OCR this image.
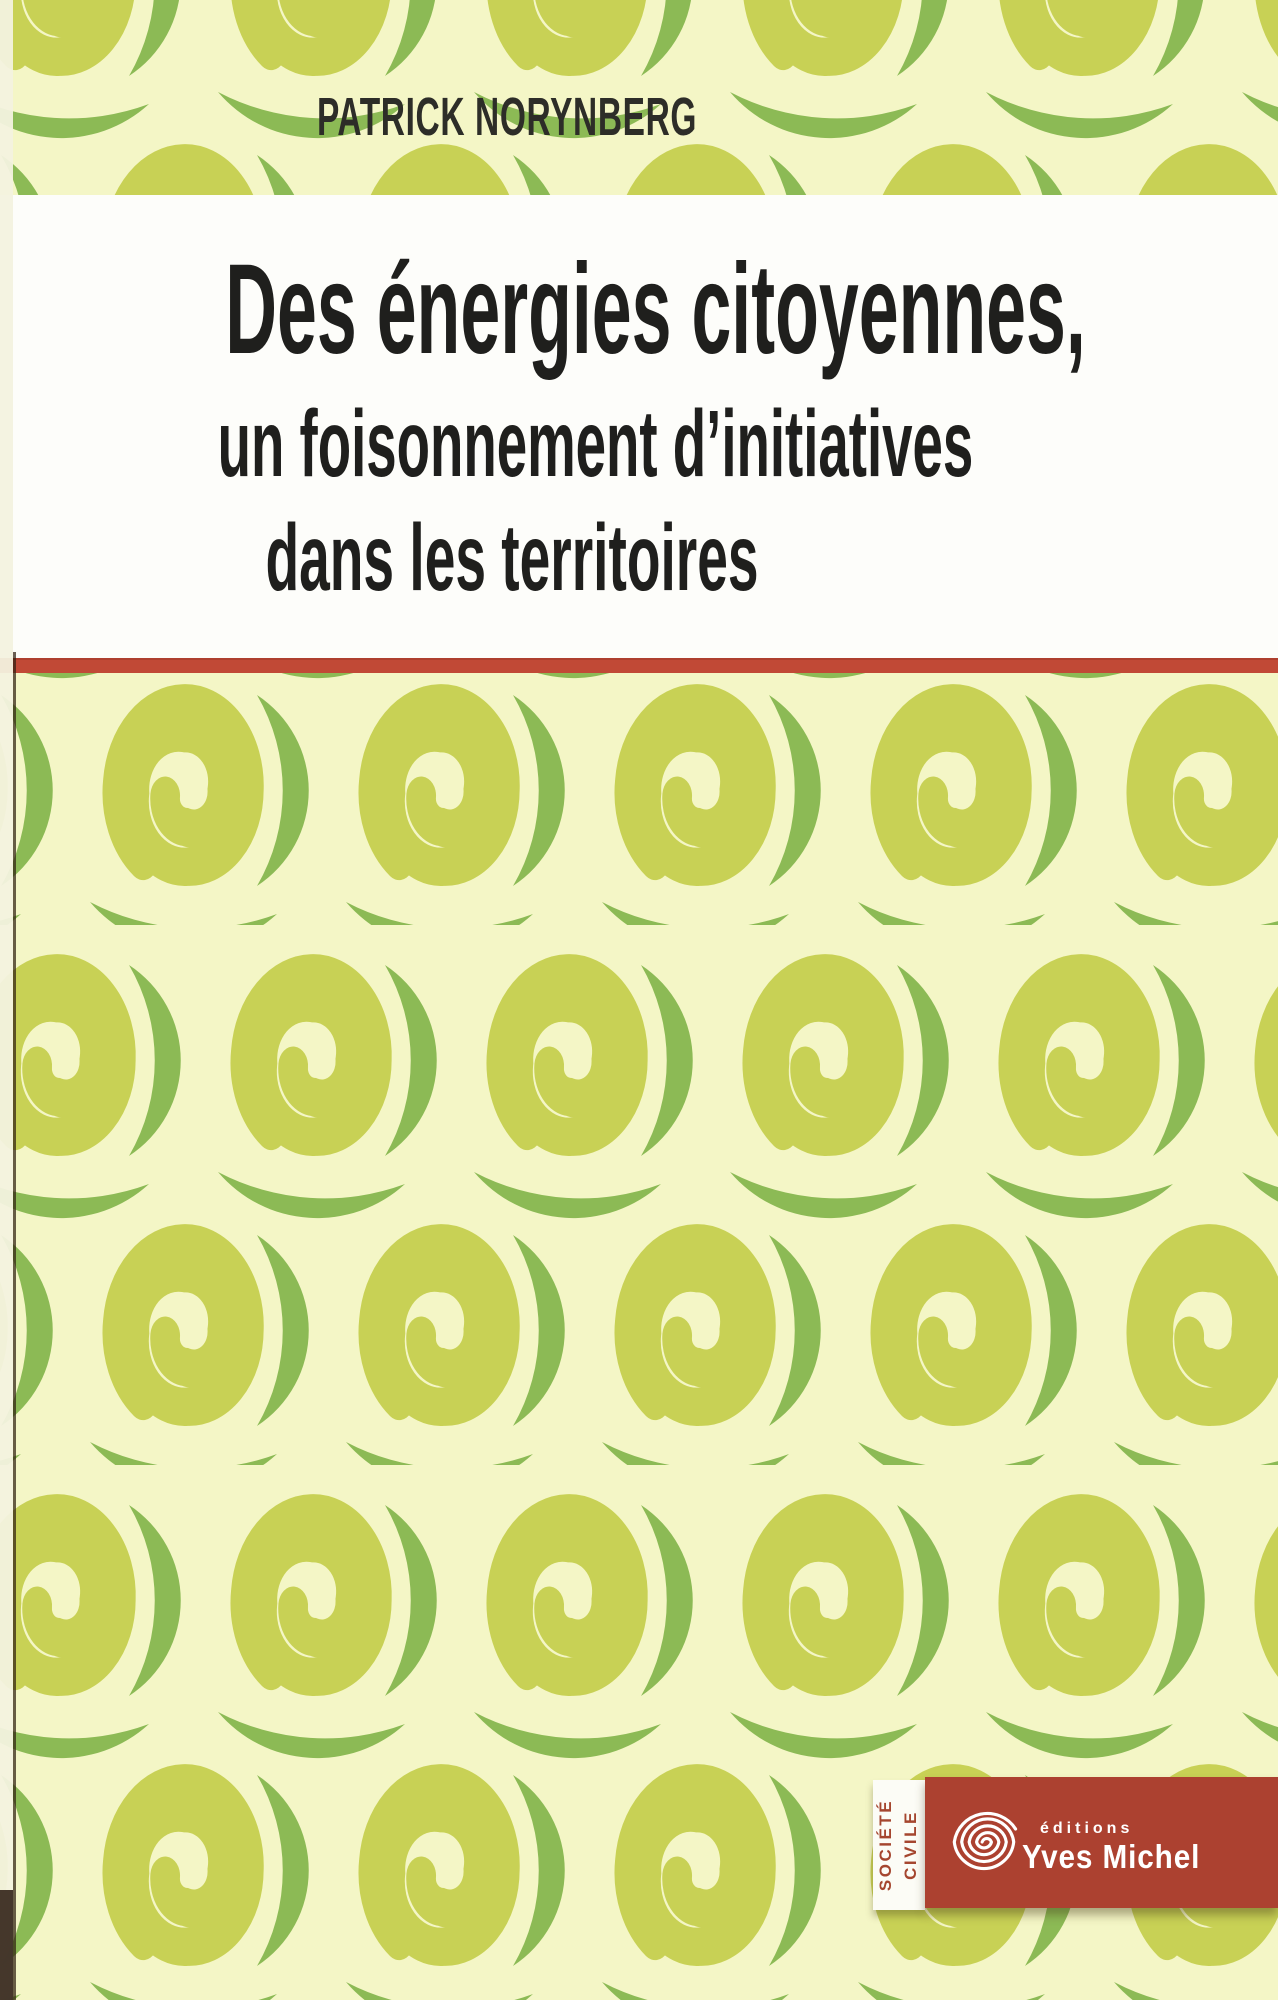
PATRICK NORYNBERG
Des énergies citoyennes,
un foisonnement d’initiatives
dans les territoires
SOCIÉTÉ CIVILE	éditions
Yves Michel
